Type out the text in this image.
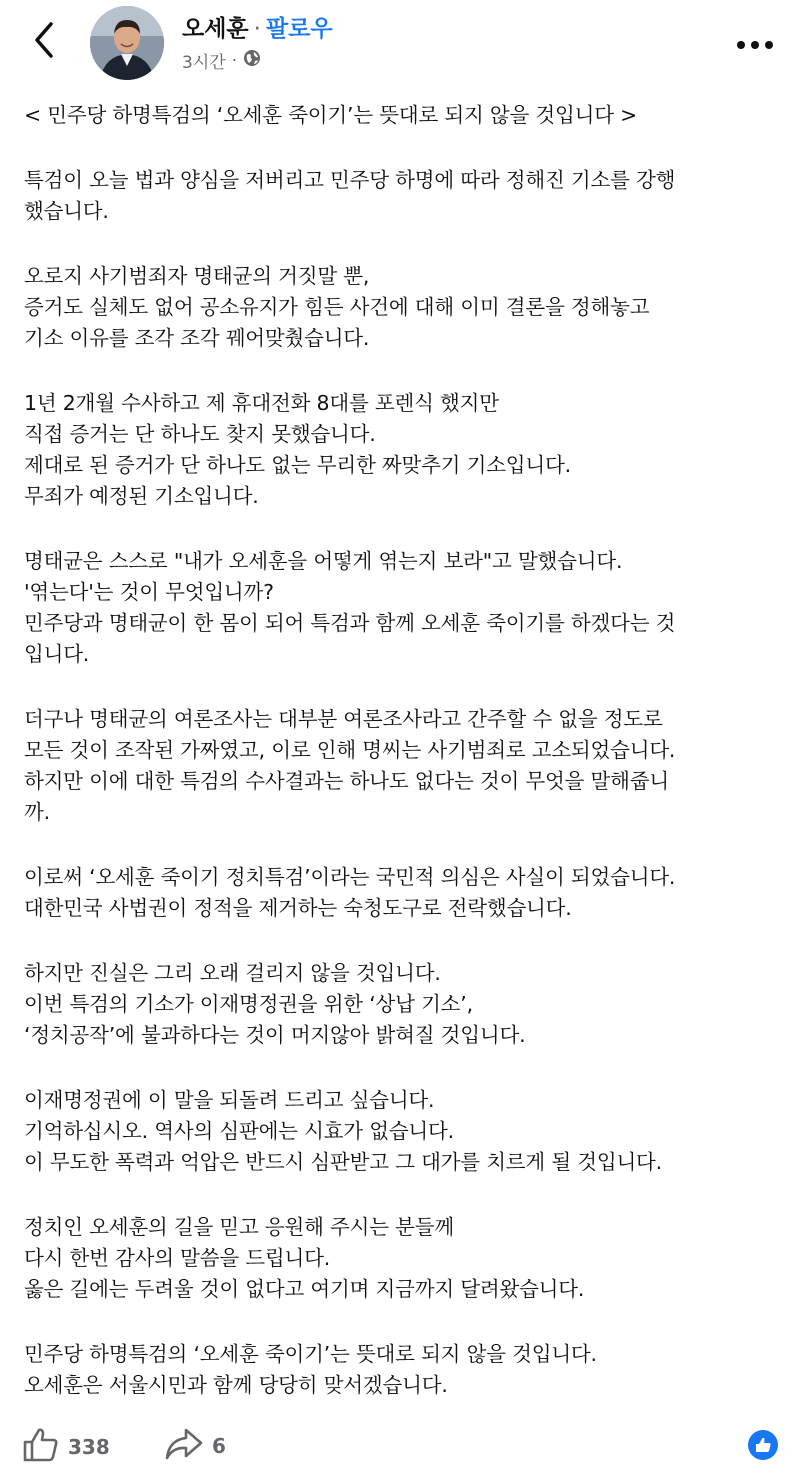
오세훈 · 팔로우
3시간 ·

< 민주당 하명특검의 ‘오세훈 죽이기’는 뜻대로 되지 않을 것입니다 >

특검이 오늘 법과 양심을 저버리고 민주당 하명에 따라 정해진 기소를 강행
했습니다.

오로지 사기범죄자 명태균의 거짓말 뿐,
증거도 실체도 없어 공소유지가 힘든 사건에 대해 이미 결론을 정해놓고
기소 이유를 조각 조각 꿰어맞췄습니다.

1년 2개월 수사하고 제 휴대전화 8대를 포렌식 했지만
직접 증거는 단 하나도 찾지 못했습니다.
제대로 된 증거가 단 하나도 없는 무리한 짜맞추기 기소입니다.
무죄가 예정된 기소입니다.

명태균은 스스로 "내가 오세훈을 어떻게 엮는지 보라"고 말했습니다.
'엮는다'는 것이 무엇입니까?
민주당과 명태균이 한 몸이 되어 특검과 함께 오세훈 죽이기를 하겠다는 것
입니다.

더구나 명태균의 여론조사는 대부분 여론조사라고 간주할 수 없을 정도로
모든 것이 조작된 가짜였고, 이로 인해 명씨는 사기범죄로 고소되었습니다.
하지만 이에 대한 특검의 수사결과는 하나도 없다는 것이 무엇을 말해줍니
까.

이로써 ‘오세훈 죽이기 정치특검’이라는 국민적 의심은 사실이 되었습니다.
대한민국 사법권이 정적을 제거하는 숙청도구로 전락했습니다.

하지만 진실은 그리 오래 걸리지 않을 것입니다.
이번 특검의 기소가 이재명정권을 위한 ‘상납 기소’,
‘정치공작’에 불과하다는 것이 머지않아 밝혀질 것입니다.

이재명정권에 이 말을 되돌려 드리고 싶습니다.
기억하십시오. 역사의 심판에는 시효가 없습니다.
이 무도한 폭력과 억압은 반드시 심판받고 그 대가를 치르게 될 것입니다.

정치인 오세훈의 길을 믿고 응원해 주시는 분들께
다시 한번 감사의 말씀을 드립니다.
옳은 길에는 두려울 것이 없다고 여기며 지금까지 달려왔습니다.

민주당 하명특검의 ‘오세훈 죽이기’는 뜻대로 되지 않을 것입니다.
오세훈은 서울시민과 함께 당당히 맞서겠습니다.

338	6
